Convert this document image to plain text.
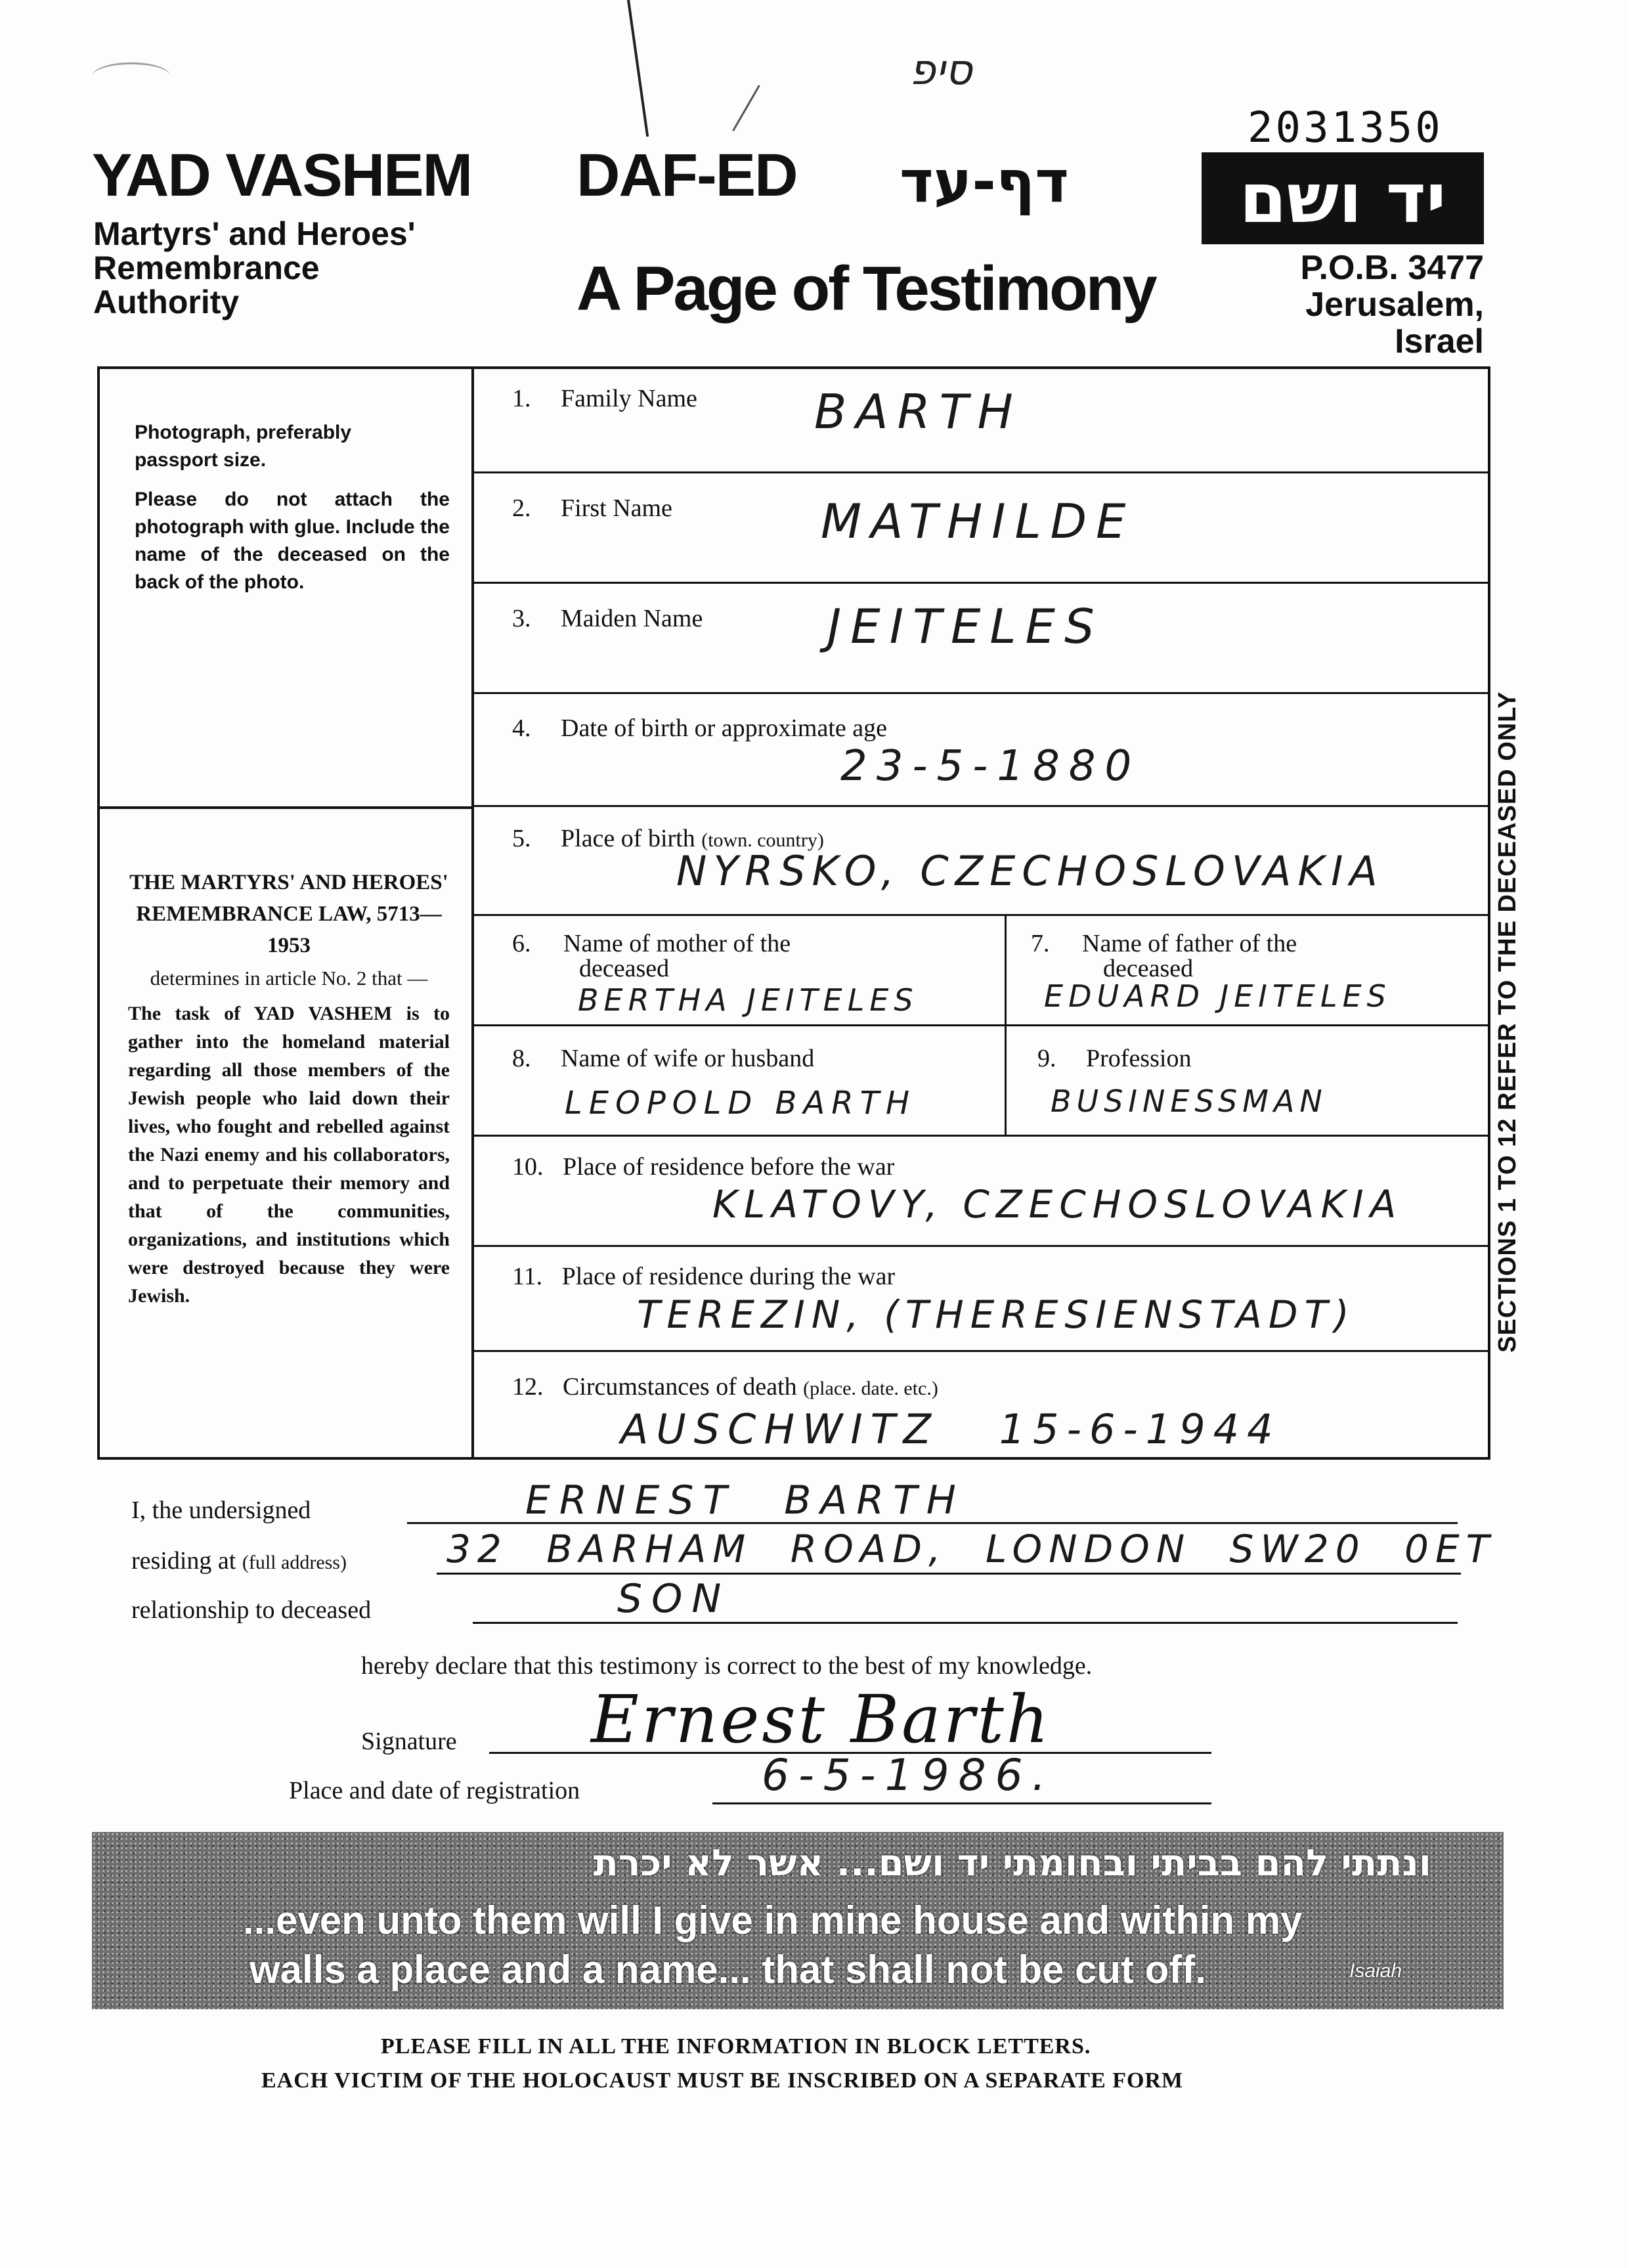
סיפ
YAD VASHEM
Martyrs' and Heroes'
Remembrance
Authority
DAF-ED דף-עד
A Page of Testimony
2031350
יד ושם
P.O.B. 3477
Jerusalem, Israel
Photograph, preferably passport size.
Please do not attach the photograph with glue. Include the name of the deceased on the back of the photo.
THE MARTYRS' AND HEROES' REMEMBRANCE LAW, 5713—1953
determines in article No. 2 that —
The task of YAD VASHEM is to gather into the homeland material regarding all those members of the Jewish people who laid down their lives, who fought and rebelled against the Nazi enemy and his collaborators, and to perpetuate their memory and that of the communities, organizations, and institutions which were destroyed because they were Jewish.
1. Family Name BARTH
2. First Name	MATHILDE
3. Maiden Name	JEITELES
4. Date of birth or approximate age
23-5-1880
5. Place of birth (town. country)
NYRSKO, CZECHOSLOVAKIA
6. Name of mother of the
deceased
BERTHA JEITELES
7. Name of father of the
deceased
EDUARD JEITELES
8. Name of wife or husband
LEOPOLD BARTH
9. Profession
BUSINESSMAN
10. Place of residence before the war
KLATOVY, CZECHOSLOVAKIA
11. Place of residence during the war
TEREZIN, (THERESIENSTADT)
12. Circumstances of death (place. date. etc.)
AUSCHWITZ 15-6-1944
SECTIONS 1 TO 12 REFER TO THE DECEASED ONLY
I, the undersigned	ERNEST BARTH
residing at (full address)	32 BARHAM ROAD, LONDON SW20 0ET
relationship to deceased	SON
hereby declare that this testimony is correct to the best of my knowledge.
Signature Ernest Barth
Place and date of registration	6-5-1986.
ונתתי להם בביתי ובחומתי יד ושם... אשר לא יכרת
...even unto them will I give in mine house and within my
walls a place and a name... that shall not be cut off.	Isaiah
PLEASE FILL IN ALL THE INFORMATION IN BLOCK LETTERS.
EACH VICTIM OF THE HOLOCAUST MUST BE INSCRIBED ON A SEPARATE FORM
